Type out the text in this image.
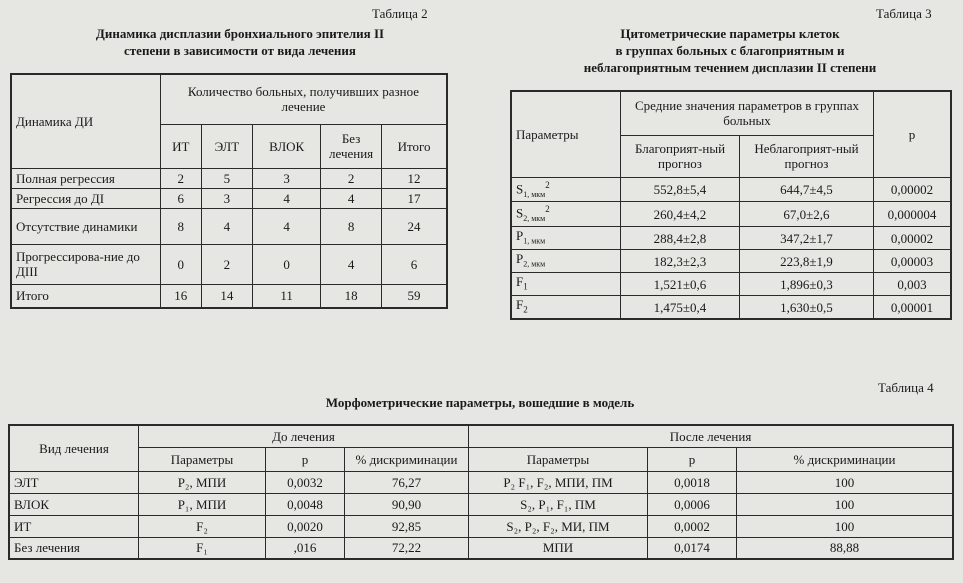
Таблица 2
Динамика дисплазии бронхиального эпителия II
степени в зависимости от вида лечения
Динамика ДИ	Количество больных, получивших разное лечение				
	ИТ	ЭЛТ	ВЛОК	Без лечения	Итого
Полная регрессия	2	5	3	2	12
Регрессия до ДI	6	3	4	4	17
Отсутствие динамики	8	4	4	8	24
Прогрессирова-ние до ДIII	0	2	0	4	6
Итого	16	14	11	18	59
Таблица 3
Цитометрические параметры клеток
в группах больных с благоприятным и
неблагоприятным течением дисплазии II степени
Параметры	Средние значения параметров в группах больных		р
	Благоприят-ный прогноз	Неблагоприят-ный прогноз	
$S_{1, мкм}^2$	552,8±5,4	644,7±4,5	0,00002
$S_{2, мкм}^2$	260,4±4,2	67,0±2,6	0,000004
$P_{1, мкм}$	288,4±2,8	347,2±1,7	0,00002
$P_{2, мкм}$	182,3±2,3	223,8±1,9	0,00003
$F_1$	1,521±0,6	1,896±0,3	0,003
$F_2$	1,475±0,4	1,630±0,5	0,00001
Таблица 4
Морфометрические параметры, вошедшие в модель
Вид лечения	До лечения			После лечения		
	Параметры	р	% дискриминации	Параметры	р	% дискриминации
ЭЛТ	P₂, МПИ	0,0032	76,27	P₂ F₁, F₂, МПИ, ПМ	0,0018	100
ВЛОК	P₁, МПИ	0,0048	90,90	S₂, P₁, F₁, ПМ	0,0006	100
ИТ	F₂	0,0020	92,85	S₂, P₂, F₂, МИ, ПМ	0,0002	100
Без лечения	F₁	,016	72,22	МПИ	0,0174	88,88
